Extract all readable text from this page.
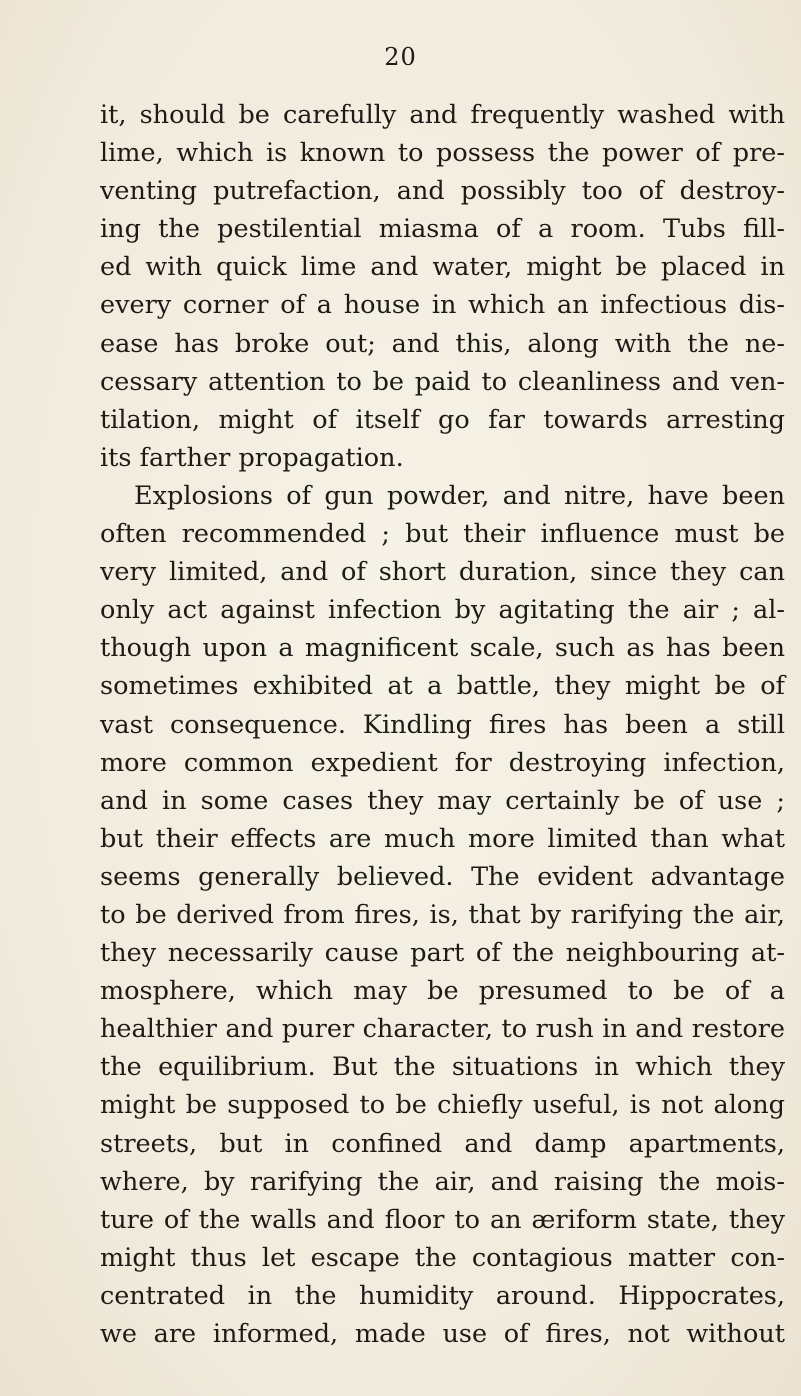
20
it, should be carefully and frequently washed with
lime, which is known to possess the power of pre-
venting putrefaction, and possibly too of destroy-
ing the pestilential miasma of a room. Tubs fill-
ed with quick lime and water, might be placed in
every corner of a house in which an infectious dis-
ease has broke out; and this, along with the ne-
cessary attention to be paid to cleanliness and ven-
tilation, might of itself go far towards arresting
its farther propagation.
Explosions of gun powder, and nitre, have been
often recommended ; but their influence must be
very limited, and of short duration, since they can
only act against infection by agitating the air ; al-
though upon a magnificent scale, such as has been
sometimes exhibited at a battle, they might be of
vast consequence. Kindling fires has been a still
more common expedient for destroying infection,
and in some cases they may certainly be of use ;
but their effects are much more limited than what
seems generally believed. The evident advantage
to be derived from fires, is, that by rarifying the air,
they necessarily cause part of the neighbouring at-
mosphere, which may be presumed to be of a
healthier and purer character, to rush in and restore
the equilibrium. But the situations in which they
might be supposed to be chiefly useful, is not along
streets, but in confined and damp apartments,
where, by rarifying the air, and raising the mois-
ture of the walls and floor to an æriform state, they
might thus let escape the contagious matter con-
centrated in the humidity around. Hippocrates,
we are informed, made use of fires, not without
